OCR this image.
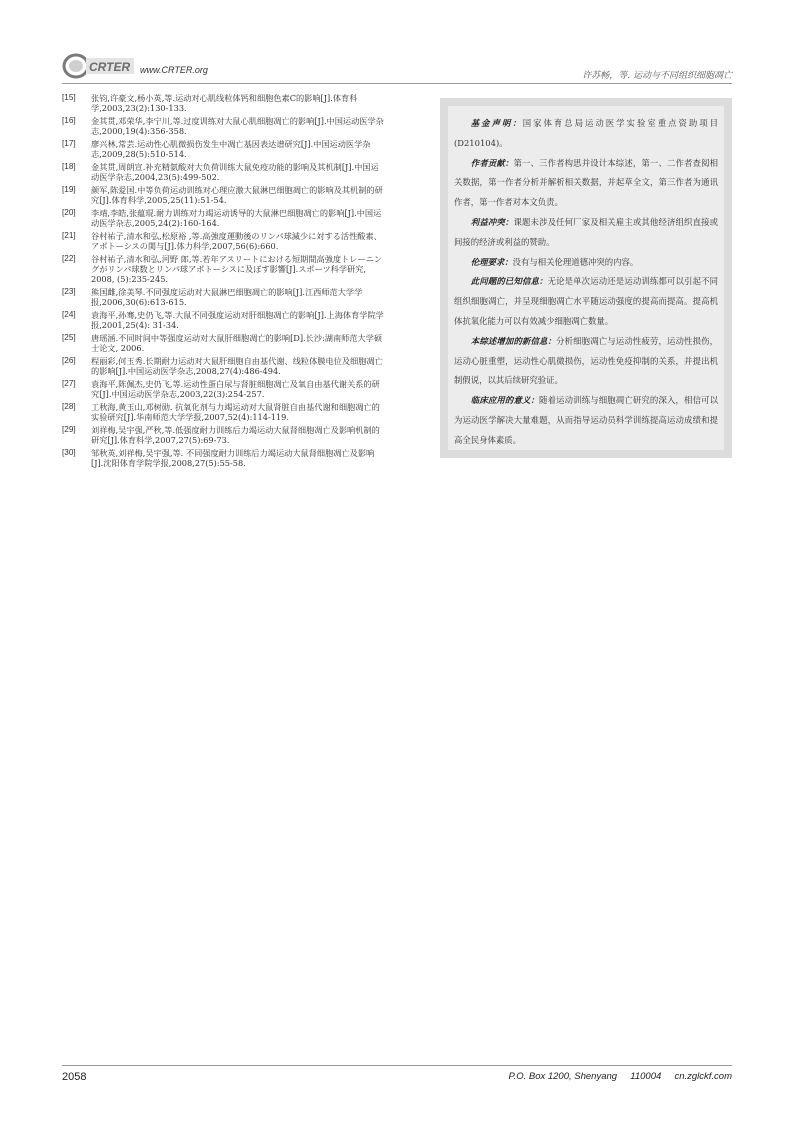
CRTER www.CRTER.org
许苏畅，等. 运动与不同组织细胞凋亡
[15] 张钧,许豪文,杨小英,等.运动对心肌线粒体钙和细胞色素C的影响[J].体育科学,2003,23(2):130-133.
[16] 金其贯,邓荣华,李宁川,等.过度训练对大鼠心肌细胞凋亡的影响[J].中国运动医学杂志,2000,19(4):356-358.
[17] 廖兴林,常芸.运动性心肌微损伤发生中凋亡基因表达谱研究[J].中国运动医学杂志,2009,28(5):510-514.
[18] 金其贯,周朗宣.补充精氨酸对大负荷训练大鼠免疫功能的影响及其机制[J].中国运动医学杂志,2004,23(5):499-502.
[19] 颜军,陈爱国.中等负荷运动训练对心理应激大鼠淋巴细胞凋亡的影响及其机制的研究[J].体育科学,2005,25(11):51-54.
[20] 李靖,李皓,张蕴琨.耐力训练对力竭运动诱导的大鼠淋巴细胞凋亡的影响[J].中国运动医学杂志,2005,24(2):160-164.
[21] 谷村祐子,清水和弘,松原裕 ,等.高強度運動後のリンパ球減少に対する活性酸素、アポトーシスの関与[J].体力科学,2007,56(6):660.
[22] 谷村祐子,清水和弘,河野 郎,等.若年アスリートにおける短期間高強度トレーニングがリンパ球数とリンパ球アポトーシスに及ぼす影響[J].スポーツ科学研究, 2008, (5):235-245.
[23] 熊国雌,徐美琴.不同强度运动对大鼠淋巴细胞凋亡的影响[J].江西师范大学学报,2006,30(6):613-615.
[24] 袁海平,孙骞,史仍飞,等.大鼠不同强度运动对肝细胞凋亡的影响[J].上海体育学院学报,2001,25(4): 31-34.
[25] 唐瑶涵.不同时间中等强度运动对大鼠肝细胞凋亡的影响[D].长沙:湖南师范大学硕士论文, 2006.
[26] 程丽彩,何玉秀.长期耐力运动对大鼠肝细胞自由基代谢、线粒体膜电位及细胞凋亡的影响[J].中国运动医学杂志,2008,27(4):486-494.
[27] 袁海平,陈佩杰,史仍飞,等.运动性蛋白尿与肾脏细胞凋亡及氧自由基代谢关系的研究[J].中国运动医学杂志,2003,22(3):254-257.
[28] 工秋海,黄玉山,邓树勋. 抗氧化剂与力竭运动对大鼠肾脏自由基代谢和细胞凋亡的实验研究[J].华南师范大学学报,2007,52(4):114-119.
[29] 刘祥梅,吴宇强,严秋,等.低强度耐力训练后力竭运动大鼠肾细胞凋亡及影响机制的研究[J].体育科学,2007,27(5):69-73.
[30] 邹秋英,刘祥梅,吴宇强,等. 不同强度耐力训练后力竭运动大鼠肾细胞凋亡及影响[J].沈阳体育学院学报,2008,27(5):55-58.

基金声明：国家体育总局运动医学实验室重点资助项目(D210104)。

作者贡献：第一、三作者构思并设计本综述，第一、二作者查阅相关数据，第一作者分析并解析相关数据，并起草全文，第三作者为通讯作者，第一作者对本文负责。

利益冲突：课题未涉及任何厂家及相关雇主或其他经济组织直接或间接的经济或利益的赞助。

伦理要求：没有与相关伦理道德冲突的内容。

此问题的已知信息：无论是单次运动还是运动训练都可以引起不同组织细胞凋亡，并呈现细胞凋亡水平随运动强度的提高而提高。提高机体抗氧化能力可以有效减少细胞凋亡数量。

本综述增加的新信息：分析细胞凋亡与运动性疲劳，运动性损伤，运动心脏重塑，运动性心肌微损伤，运动性免疫抑制的关系，并提出机制假说，以其后续研究验证。

临床应用的意义：随着运动训练与细胞凋亡研究的深入，相信可以为运动医学解决大量难题，从而指导运动员科学训练提高运动成绩和提高全民身体素质。

2058	P.O. Box 1200, Shenyang     110004     cn.zglckf.com
